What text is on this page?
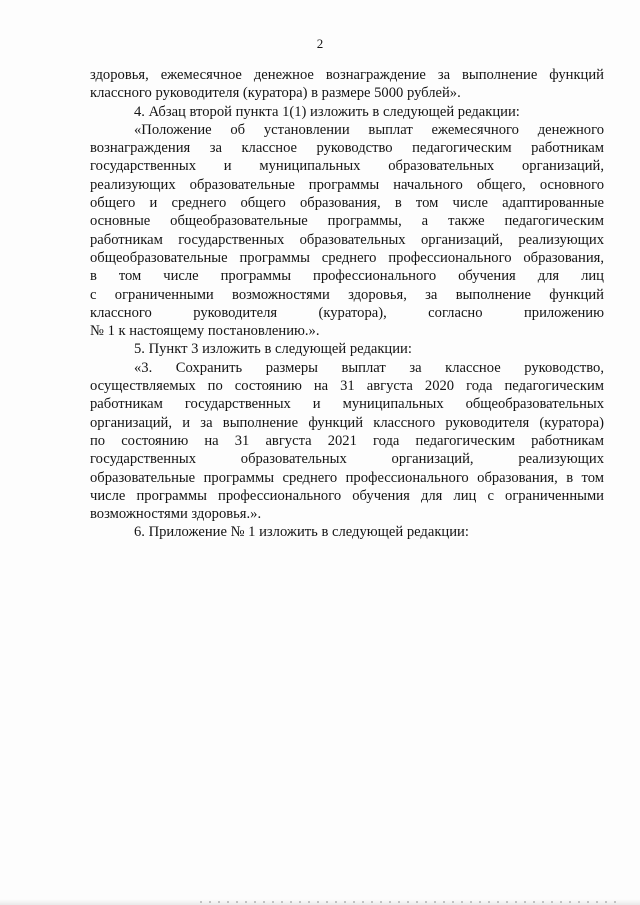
2
здоровья, ежемесячное денежное вознаграждение за выполнение функций
классного руководителя (куратора) в размере 5000 рублей».
4. Абзац второй пункта 1(1) изложить в следующей редакции:
«Положение об установлении выплат ежемесячного денежного
вознаграждения за классное руководство педагогическим работникам
государственных и муниципальных образовательных организаций,
реализующих образовательные программы начального общего, основного
общего и среднего общего образования, в том числе адаптированные
основные общеобразовательные программы, а также педагогическим
работникам государственных образовательных организаций, реализующих
общеобразовательные программы среднего профессионального образования,
в том числе программы профессионального обучения для лиц
с ограниченными возможностями здоровья, за выполнение функций
классного руководителя (куратора), согласно приложению
№ 1 к настоящему постановлению.».
5. Пункт 3 изложить в следующей редакции:
«3. Сохранить размеры выплат за классное руководство,
осуществляемых по состоянию на 31 августа 2020 года педагогическим
работникам государственных и муниципальных общеобразовательных
организаций, и за выполнение функций классного руководителя (куратора)
по состоянию на 31 августа 2021 года педагогическим работникам
государственных образовательных организаций, реализующих
образовательные программы среднего профессионального образования, в том
числе программы профессионального обучения для лиц с ограниченными
возможностями здоровья.».
6. Приложение № 1 изложить в следующей редакции:
